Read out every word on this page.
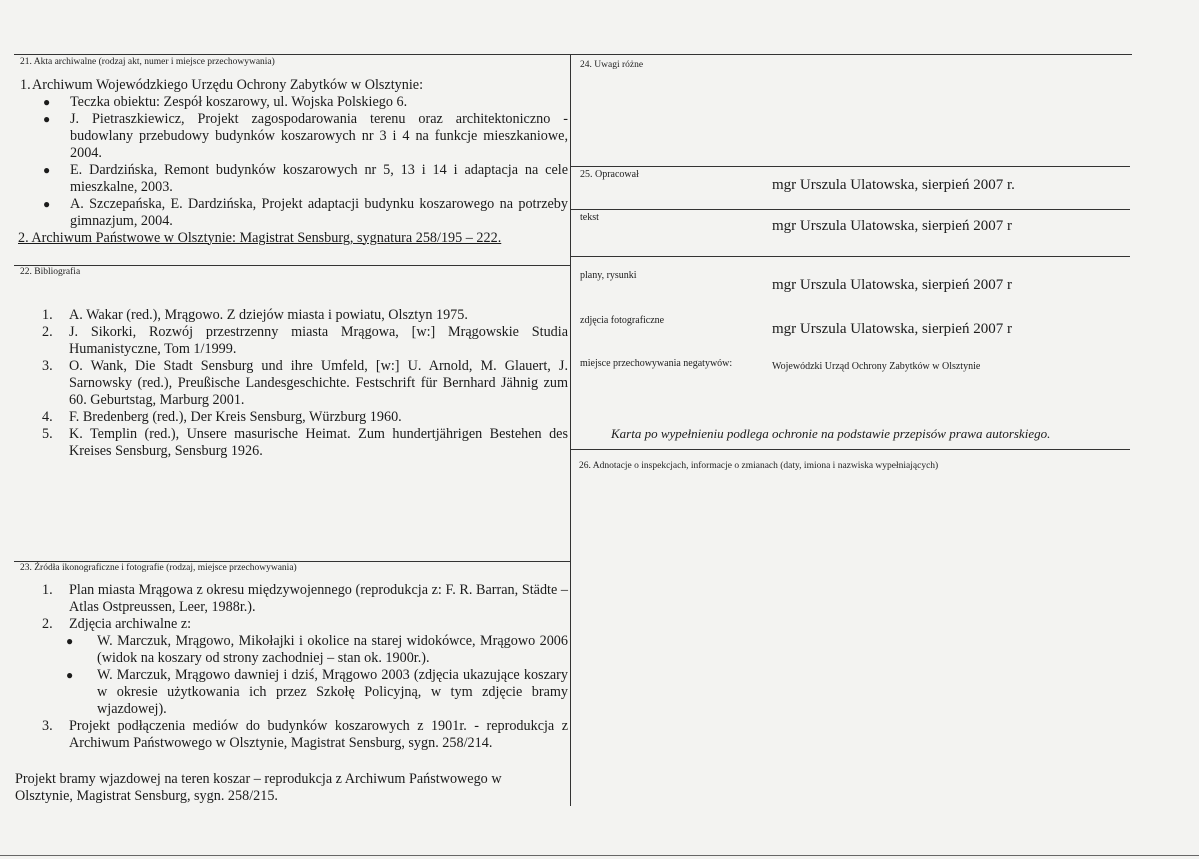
21. Akta archiwalne (rodzaj akt, numer i miejsce przechowywania)
1. Archiwum Wojewódzkiego Urzędu Ochrony Zabytków w Olsztynie:
● Teczka obiektu: Zespół koszarowy, ul. Wojska Polskiego 6.
● J. Pietraszkiewicz, Projekt zagospodarowania terenu oraz architektoniczno - budowlany przebudowy budynków koszarowych nr 3 i 4 na funkcje mieszkaniowe, 2004.
● E. Dardzińska, Remont budynków koszarowych nr 5, 13 i 14 i adaptacja na cele mieszkalne, 2003.
● A. Szczepańska, E. Dardzińska, Projekt adaptacji budynku koszarowego na potrzeby gimnazjum, 2004.
2. Archiwum Państwowe w Olsztynie: Magistrat Sensburg, sygnatura 258/195 – 222.
22. Bibliografia
1. A. Wakar (red.), Mrągowo. Z dziejów miasta i powiatu, Olsztyn 1975.
2. J. Sikorki, Rozwój przestrzenny miasta Mrągowa, [w:] Mrągowskie Studia Humanistyczne, Tom 1/1999.
3. O. Wank, Die Stadt Sensburg und ihre Umfeld, [w:] U. Arnold, M. Glauert, J. Sarnowsky (red.), Preußische Landesgeschichte. Festschrift für Bernhard Jähnig zum 60. Geburtstag, Marburg 2001.
4. F. Bredenberg (red.), Der Kreis Sensburg, Würzburg 1960.
5. K. Templin (red.), Unsere masurische Heimat. Zum hundertjährigen Bestehen des Kreises Sensburg, Sensburg 1926.
23. Źródła ikonograficzne i fotografie (rodzaj, miejsce przechowywania)
1. Plan miasta Mrągowa z okresu międzywojennego (reprodukcja z: F. R. Barran, Städte – Atlas Ostpreussen, Leer, 1988r.).
2. Zdjęcia archiwalne z:
● W. Marczuk, Mrągowo, Mikołajki i okolice na starej widokówce, Mrągowo 2006 (widok na koszary od strony zachodniej – stan ok. 1900r.).
● W. Marczuk, Mrągowo dawniej i dziś, Mrągowo 2003 (zdjęcia ukazujące koszary w okresie użytkowania ich przez Szkołę Policyjną, w tym zdjęcie bramy wjazdowej).
3. Projekt podłączenia mediów do budynków koszarowych z 1901r. - reprodukcja z Archiwum Państwowego w Olsztynie, Magistrat Sensburg, sygn. 258/214.
Projekt bramy wjazdowej na teren koszar – reprodukcja z Archiwum Państwowego w Olsztynie, Magistrat Sensburg, sygn. 258/215.
24. Uwagi różne
25. Opracował
mgr Urszula Ulatowska, sierpień 2007 r.
tekst
mgr Urszula Ulatowska, sierpień 2007 r
plany, rysunki
mgr Urszula Ulatowska, sierpień 2007 r
zdjęcia fotograficzne
mgr Urszula Ulatowska, sierpień 2007 r
miejsce przechowywania negatywów:	Wojewódzki Urząd Ochrony Zabytków w Olsztynie
Karta po wypełnieniu podlega ochronie na podstawie przepisów prawa autorskiego.
26. Adnotacje o inspekcjach, informacje o zmianach (daty, imiona i nazwiska wypełniających)
